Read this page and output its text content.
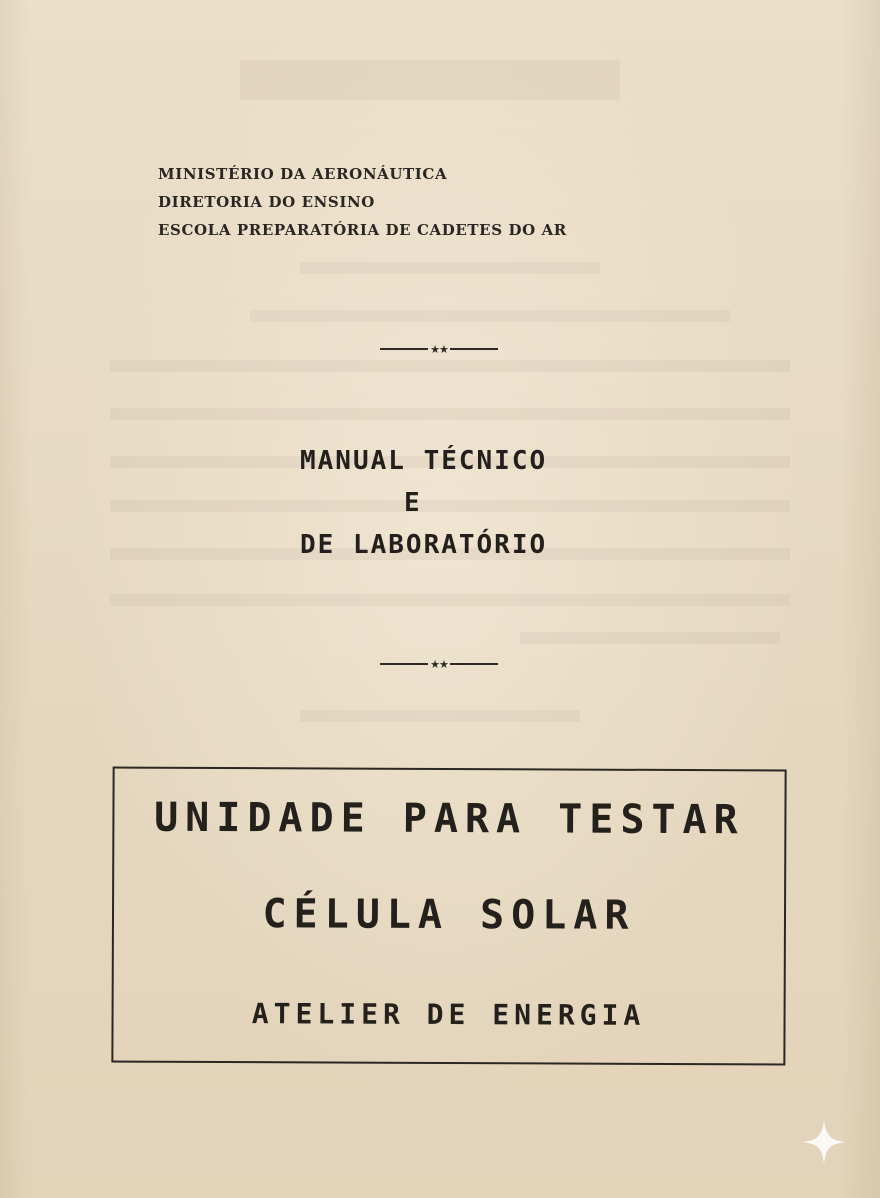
MINISTÉRIO DA AERONÁUTICA
DIRETORIA DO ENSINO
ESCOLA PREPARATÓRIA DE CADETES DO AR
★★
MANUAL TÉCNICO
E
DE LABORATÓRIO
★★
UNIDADE PARA TESTAR
CÉLULA SOLAR
ATELIER DE ENERGIA
